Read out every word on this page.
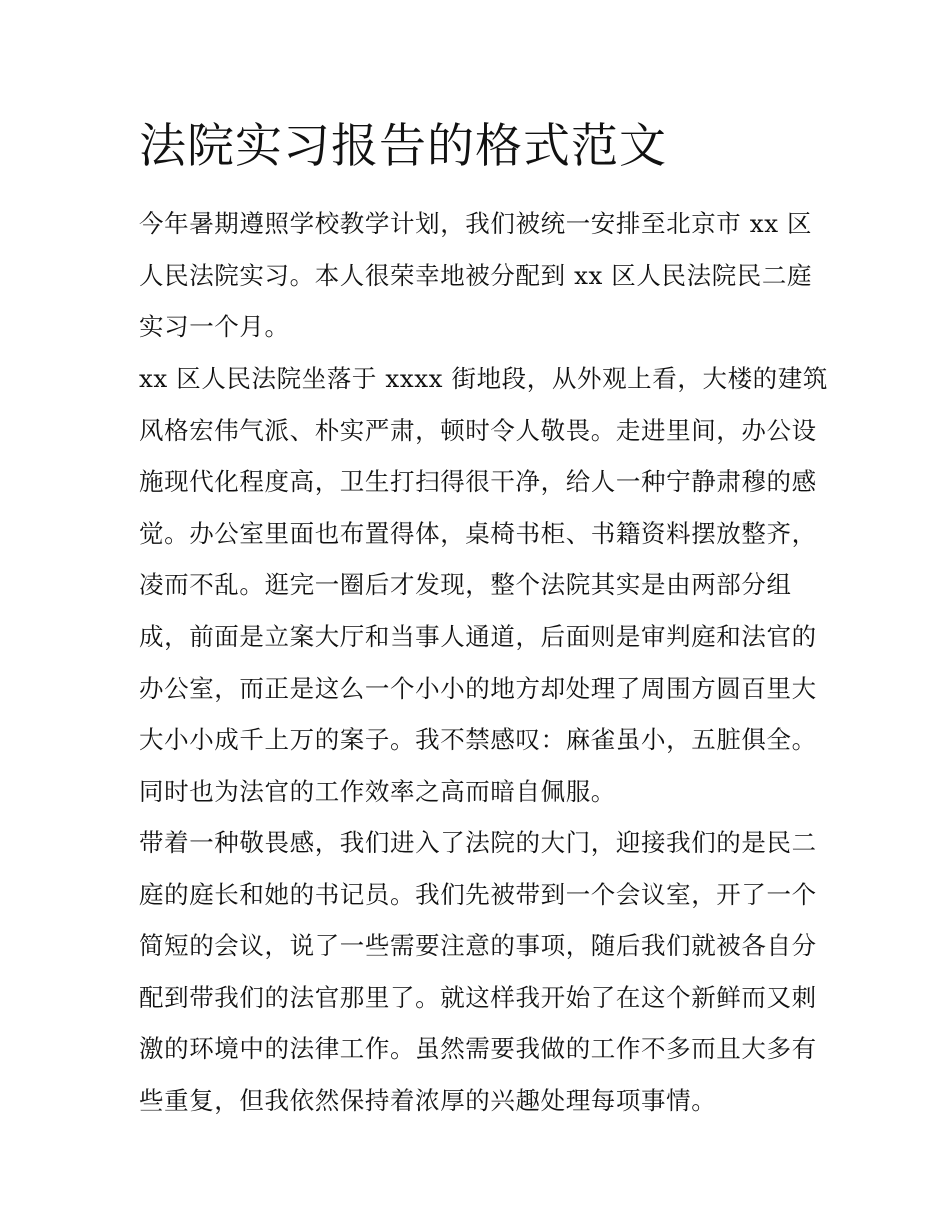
法院实习报告的格式范文
今年暑期遵照学校教学计划，我们被统一安排至北京市 xx 区
人民法院实习。本人很荣幸地被分配到 xx 区人民法院民二庭
实习一个月。
xx 区人民法院坐落于 xxxx 街地段，从外观上看，大楼的建筑
风格宏伟气派、朴实严肃，顿时令人敬畏。走进里间，办公设
施现代化程度高，卫生打扫得很干净，给人一种宁静肃穆的感
觉。办公室里面也布置得体，桌椅书柜、书籍资料摆放整齐，
凌而不乱。逛完一圈后才发现，整个法院其实是由两部分组
成，前面是立案大厅和当事人通道，后面则是审判庭和法官的
办公室，而正是这么一个小小的地方却处理了周围方圆百里大
大小小成千上万的案子。我不禁感叹：麻雀虽小，五脏俱全。
同时也为法官的工作效率之高而暗自佩服。
带着一种敬畏感，我们进入了法院的大门，迎接我们的是民二
庭的庭长和她的书记员。我们先被带到一个会议室，开了一个
简短的会议，说了一些需要注意的事项，随后我们就被各自分
配到带我们的法官那里了。就这样我开始了在这个新鲜而又刺
激的环境中的法律工作。虽然需要我做的工作不多而且大多有
些重复，但我依然保持着浓厚的兴趣处理每项事情。
